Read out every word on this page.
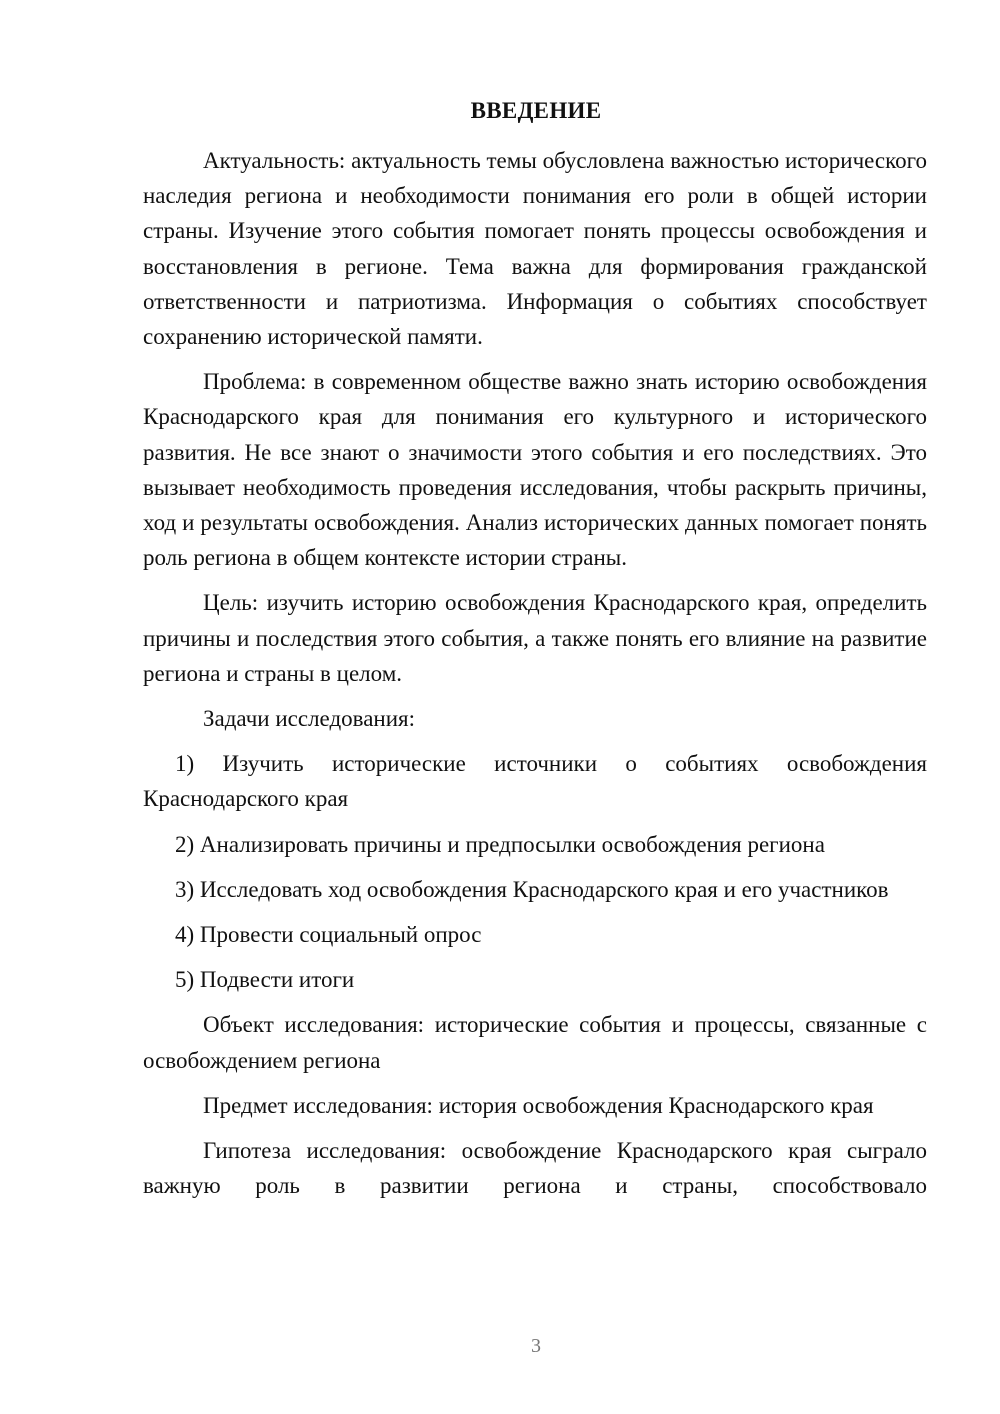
ВВЕДЕНИЕ

Актуальность: актуальность темы обусловлена важностью исторического наследия региона и необходимости понимания его роли в общей истории страны. Изучение этого события помогает понять процессы освобождения и восстановления в регионе. Тема важна для формирования гражданской ответственности и патриотизма. Информация о событиях способствует сохранению исторической памяти.

Проблема: в современном обществе важно знать историю освобождения Краснодарского края для понимания его культурного и исторического развития. Не все знают о значимости этого события и его последствиях. Это вызывает необходимость проведения исследования, чтобы раскрыть причины, ход и результаты освобождения. Анализ исторических данных помогает понять роль региона в общем контексте истории страны.

Цель: изучить историю освобождения Краснодарского края, определить причины и последствия этого события, а также понять его влияние на развитие региона и страны в целом.

Задачи исследования:

1) Изучить исторические источники о событиях освобождения Краснодарского края

2) Анализировать причины и предпосылки освобождения региона

3) Исследовать ход освобождения Краснодарского края и его участников

4) Провести социальный опрос

5) Подвести итоги

Объект исследования: исторические события и процессы, связанные с освобождением региона

Предмет исследования: история освобождения Краснодарского края

Гипотеза исследования: освобождение Краснодарского края сыграло важную роль в развитии региона и страны, способствовало

3
